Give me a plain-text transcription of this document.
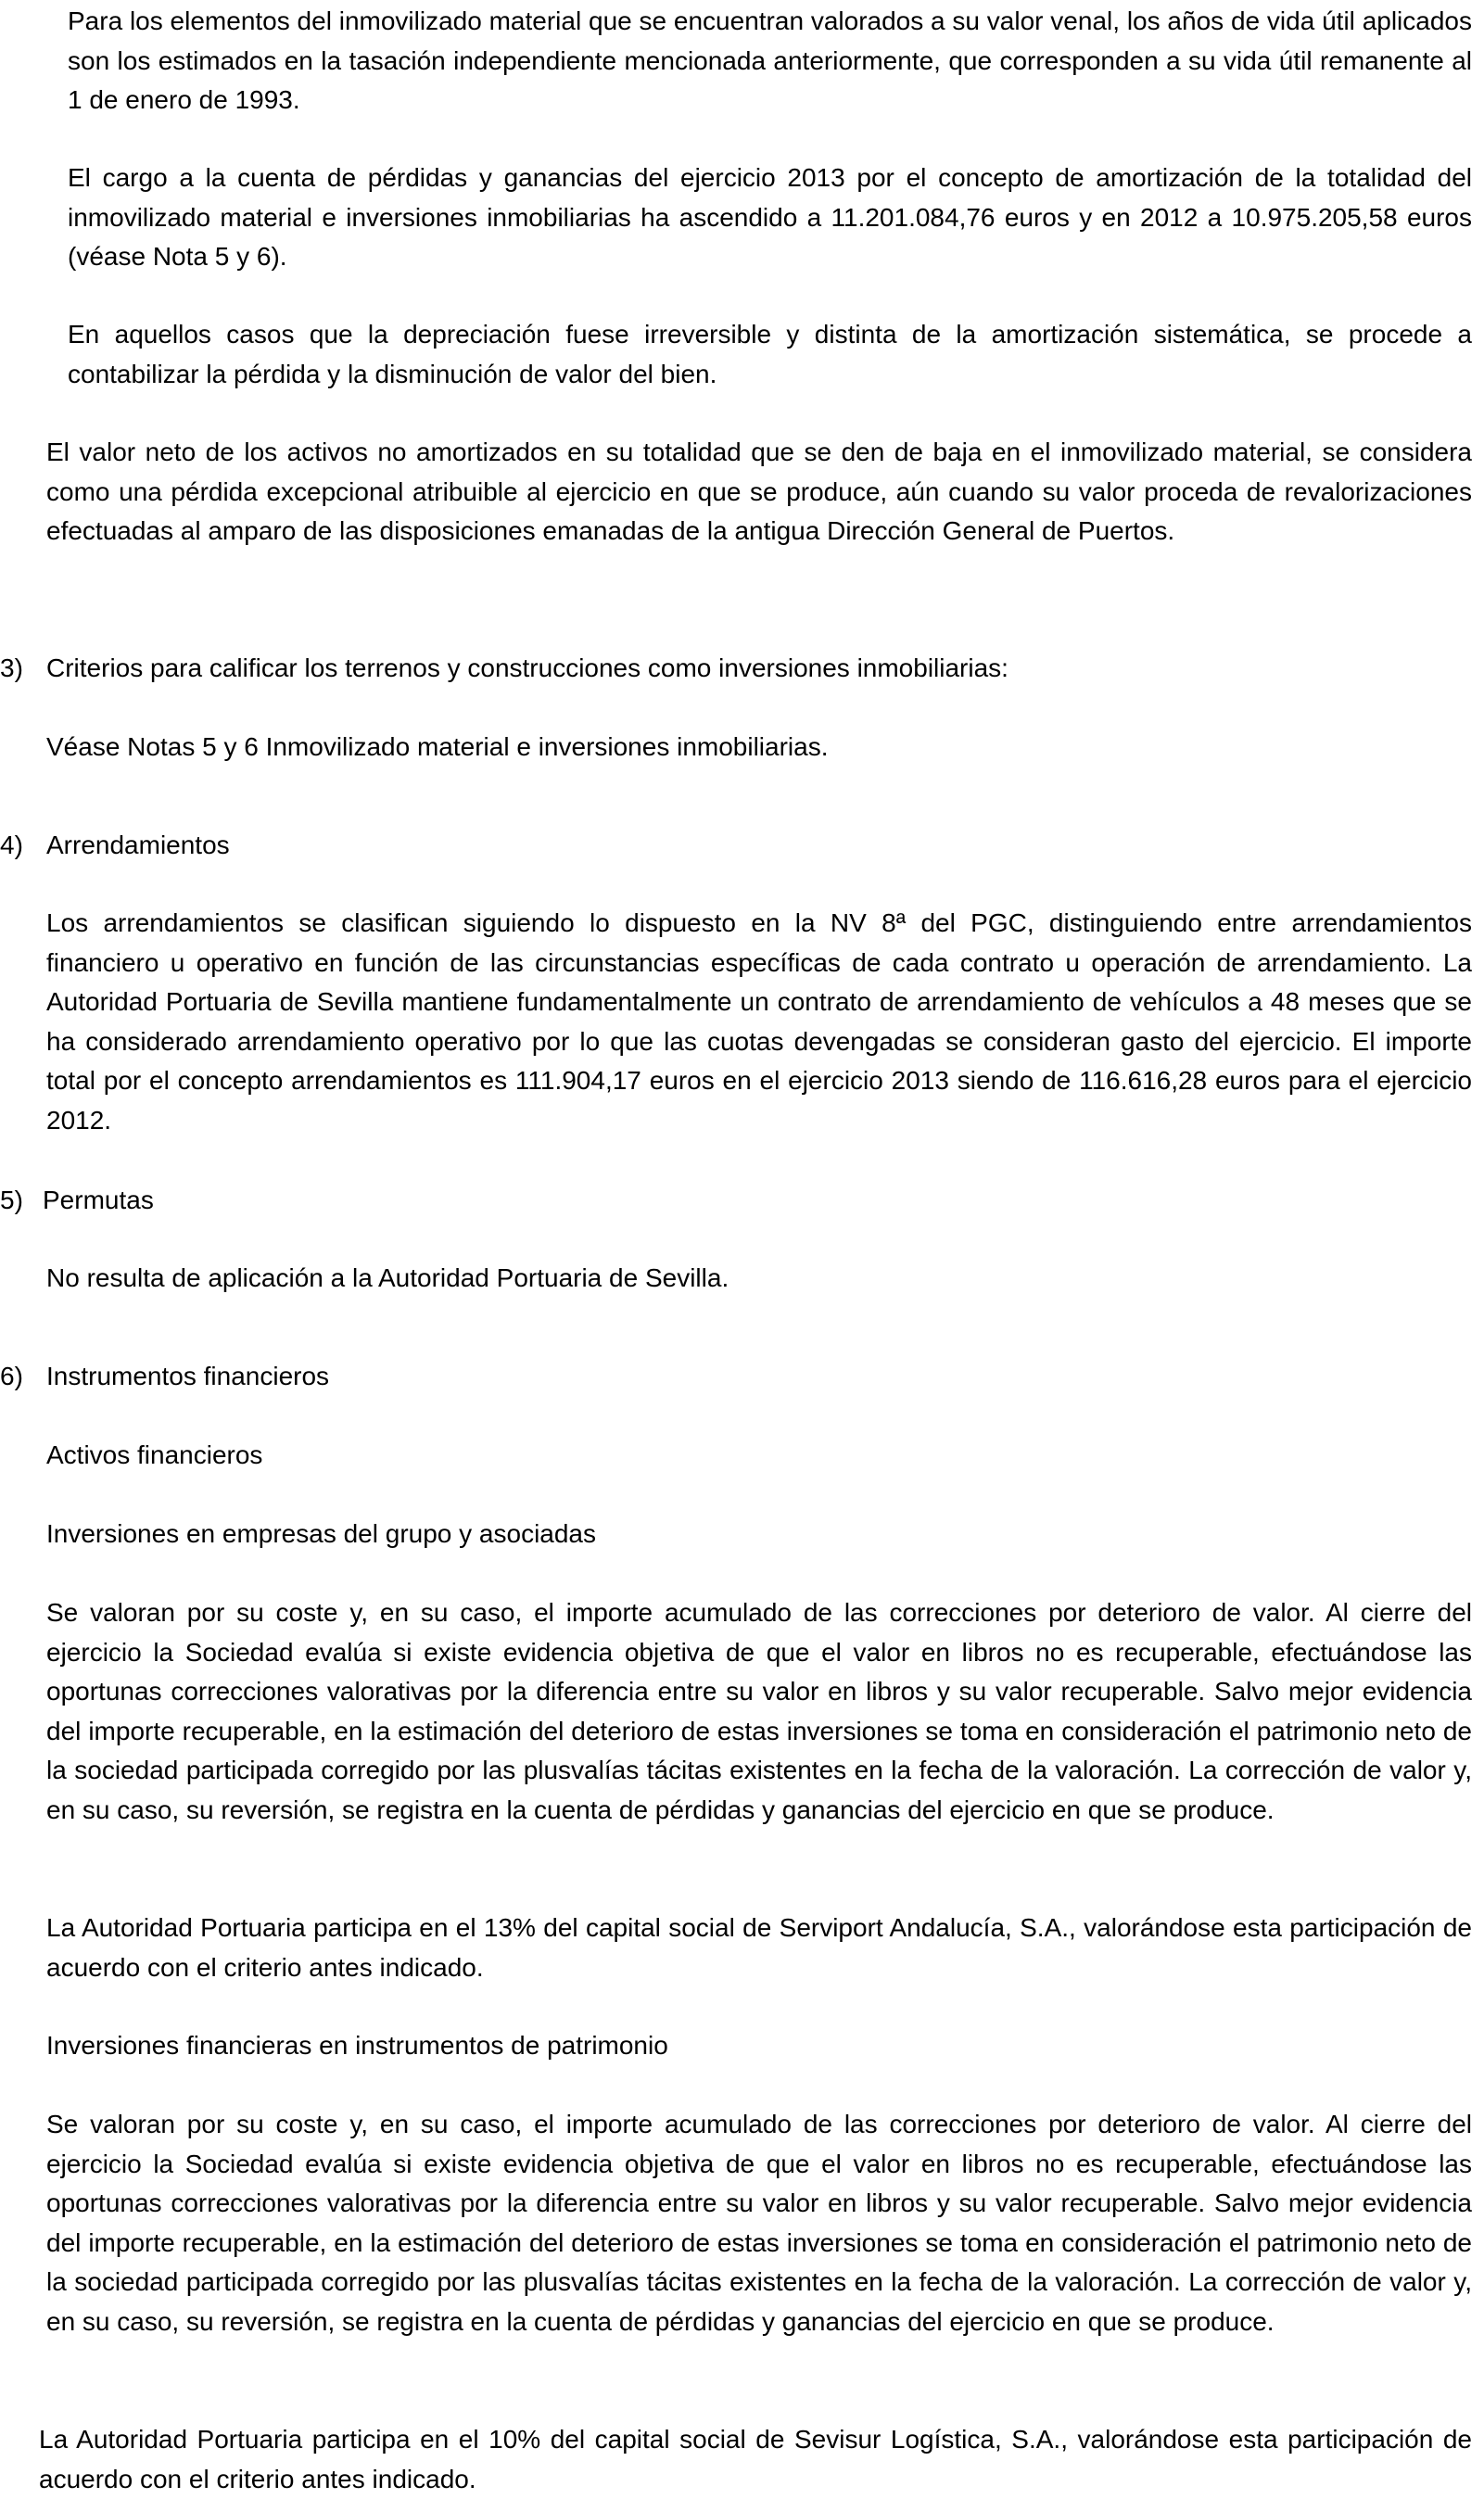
Para los elementos del inmovilizado material que se encuentran valorados a su valor venal, los años de vida útil aplicados son los estimados en la tasación independiente mencionada anteriormente, que corresponden a su vida útil remanente al 1 de enero de 1993.

El cargo a la cuenta de pérdidas y ganancias del ejercicio 2013 por el concepto de amortización de la totalidad del inmovilizado material e inversiones inmobiliarias ha ascendido a 11.201.084,76 euros y en 2012 a 10.975.205,58 euros (véase Nota 5 y 6).

En aquellos casos que la depreciación fuese irreversible y distinta de la amortización sistemática, se procede a contabilizar la pérdida y la disminución de valor del bien.

El valor neto de los activos no amortizados en su totalidad que se den de baja en el inmovilizado material, se considera como una pérdida excepcional atribuible al ejercicio en que se produce, aún cuando su valor proceda de revalorizaciones efectuadas al amparo de las disposiciones emanadas de la antigua Dirección General de Puertos.

3) Criterios para calificar los terrenos y construcciones como inversiones inmobiliarias:

Véase Notas 5 y 6 Inmovilizado material e inversiones inmobiliarias.

4) Arrendamientos

Los arrendamientos se clasifican siguiendo lo dispuesto en la NV 8ª del PGC, distinguiendo entre arrendamientos financiero u operativo en función de las circunstancias específicas de cada contrato u operación de arrendamiento. La Autoridad Portuaria de Sevilla mantiene fundamentalmente un contrato de arrendamiento de vehículos a 48 meses que se ha considerado arrendamiento operativo por lo que las cuotas devengadas se consideran gasto del ejercicio. El importe total por el concepto arrendamientos es 111.904,17 euros en el ejercicio 2013 siendo de 116.616,28 euros para el ejercicio 2012.

5) Permutas

No resulta de aplicación a la Autoridad Portuaria de Sevilla.

6) Instrumentos financieros

Activos financieros

Inversiones en empresas del grupo y asociadas

Se valoran por su coste y, en su caso, el importe acumulado de las correcciones por deterioro de valor. Al cierre del ejercicio la Sociedad evalúa si existe evidencia objetiva de que el valor en libros no es recuperable, efectuándose las oportunas correcciones valorativas por la diferencia entre su valor en libros y su valor recuperable. Salvo mejor evidencia del importe recuperable, en la estimación del deterioro de estas inversiones se toma en consideración el patrimonio neto de la sociedad participada corregido por las plusvalías tácitas existentes en la fecha de la valoración. La corrección de valor y, en su caso, su reversión, se registra en la cuenta de pérdidas y ganancias del ejercicio en que se produce.

La Autoridad Portuaria participa en el 13% del capital social de Serviport Andalucía, S.A., valorándose esta participación de acuerdo con el criterio antes indicado.

Inversiones financieras en instrumentos de patrimonio

Se valoran por su coste y, en su caso, el importe acumulado de las correcciones por deterioro de valor. Al cierre del ejercicio la Sociedad evalúa si existe evidencia objetiva de que el valor en libros no es recuperable, efectuándose las oportunas correcciones valorativas por la diferencia entre su valor en libros y su valor recuperable. Salvo mejor evidencia del importe recuperable, en la estimación del deterioro de estas inversiones se toma en consideración el patrimonio neto de la sociedad participada corregido por las plusvalías tácitas existentes en la fecha de la valoración. La corrección de valor y, en su caso, su reversión, se registra en la cuenta de pérdidas y ganancias del ejercicio en que se produce.

La Autoridad Portuaria participa en el 10% del capital social de Sevisur Logística, S.A., valorándose esta participación de acuerdo con el criterio antes indicado.
